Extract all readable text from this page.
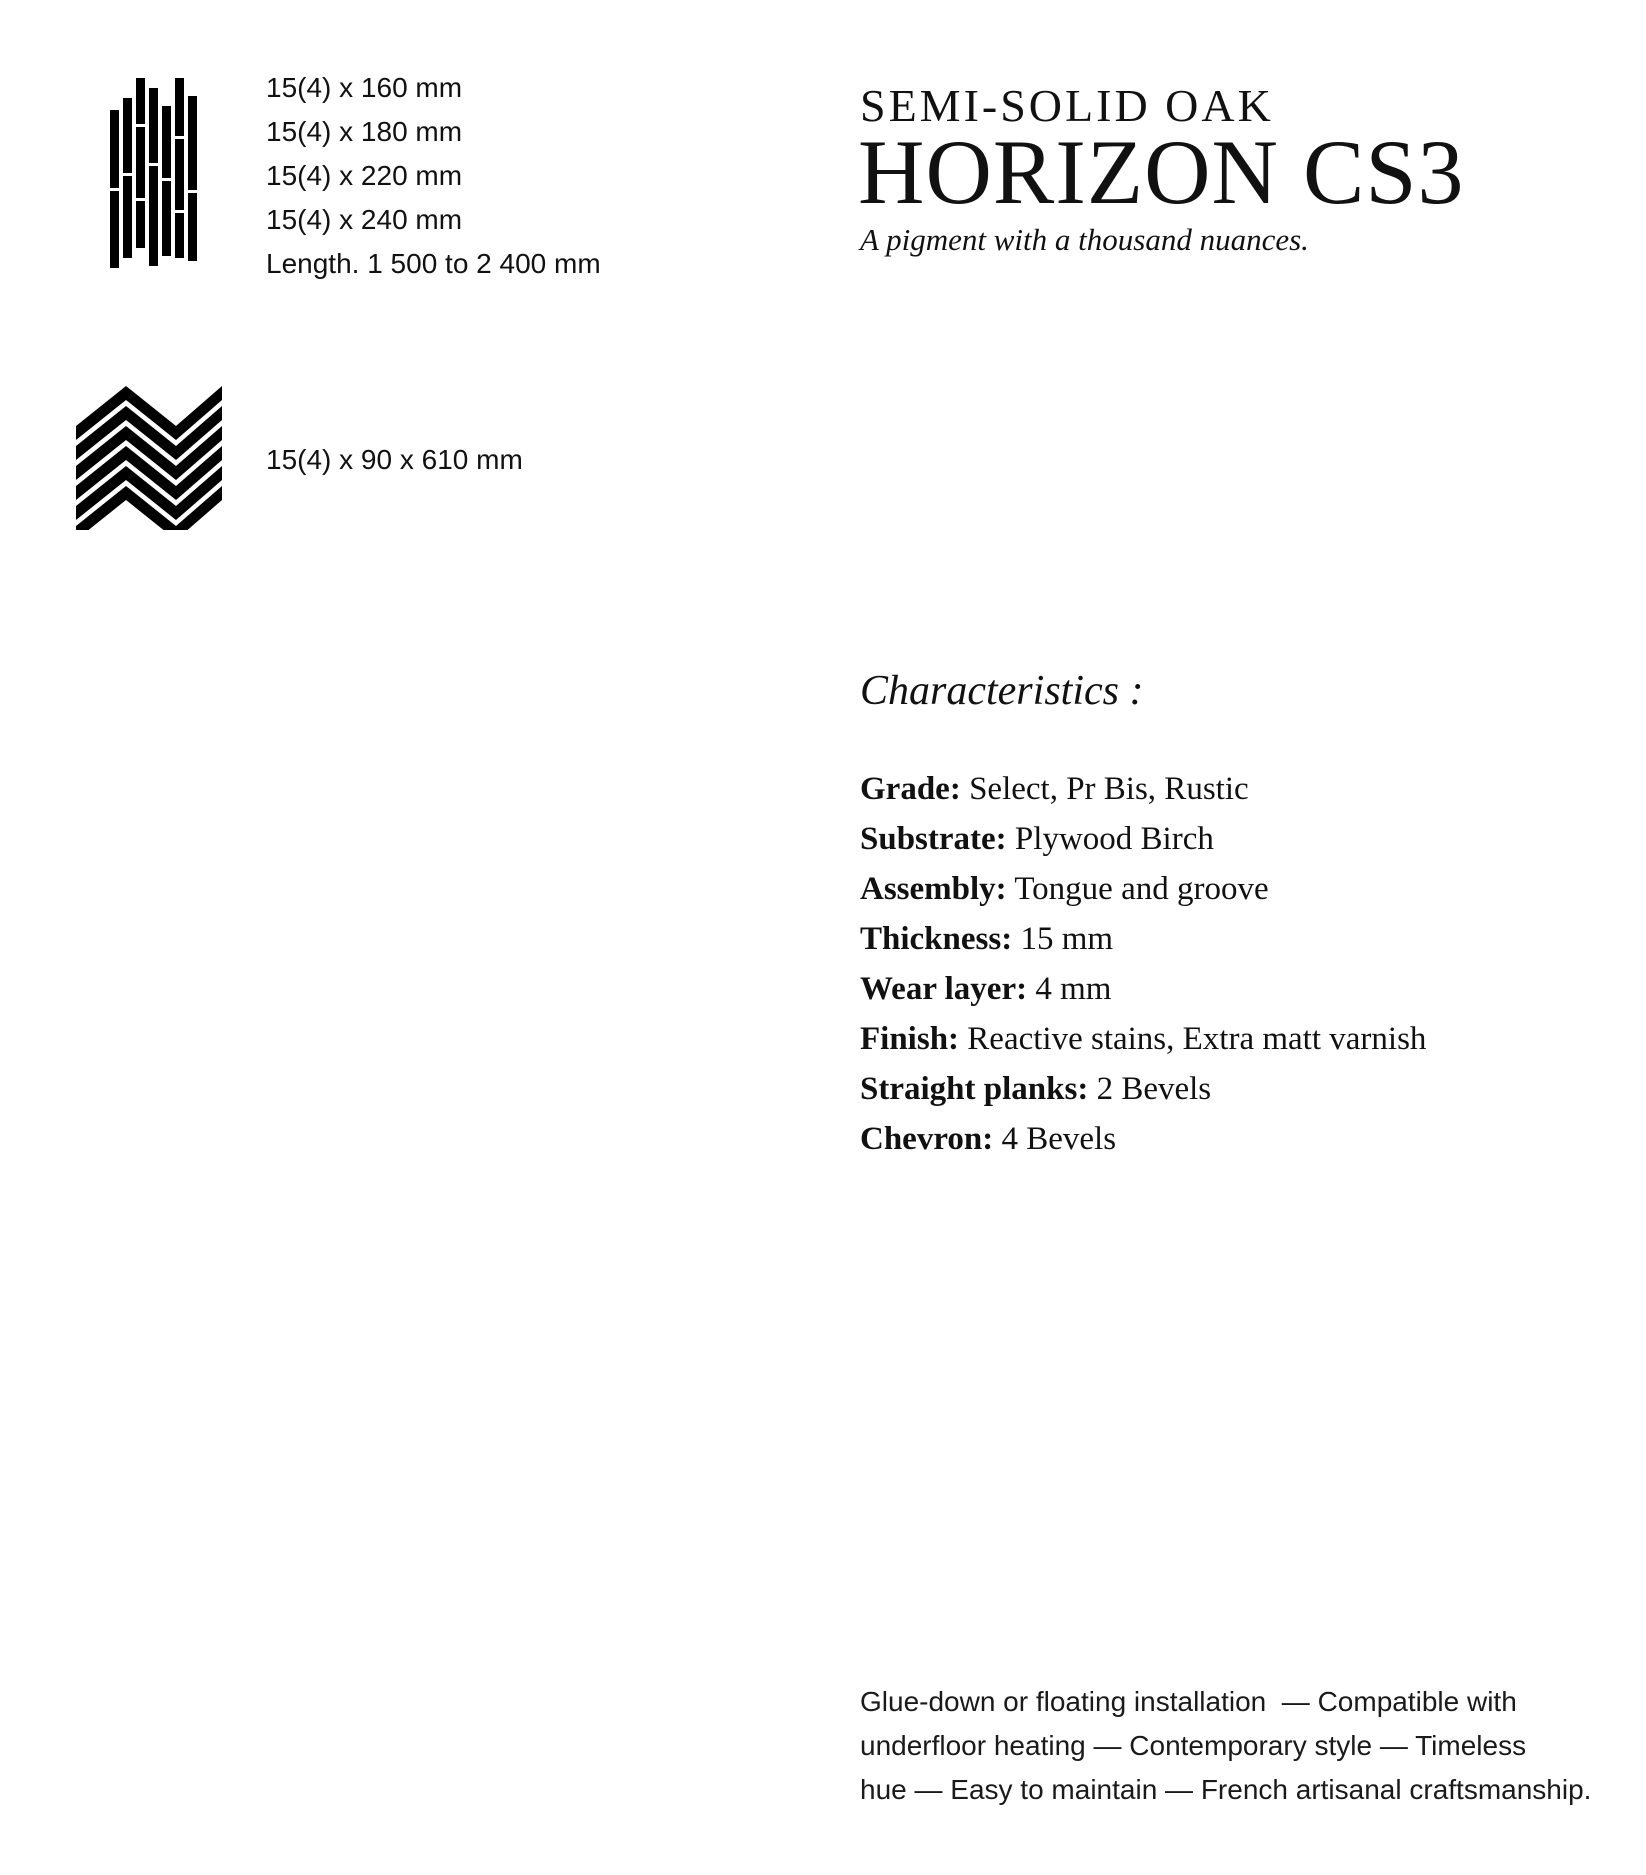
15(4) x 160 mm
15(4) x 180 mm
15(4) x 220 mm
15(4) x 240 mm
Length. 1 500 to 2 400 mm
15(4) x 90 x 610 mm
SEMI-SOLID OAK
HORIZON CS3
A pigment with a thousand nuances.
Characteristics :
Grade: Select, Pr Bis, Rustic
Substrate: Plywood Birch
Assembly: Tongue and groove
Thickness: 15 mm
Wear layer: 4 mm
Finish: Reactive stains, Extra matt varnish
Straight planks: 2 Bevels
Chevron: 4 Bevels
Glue-down or floating installation  — Compatible with
underfloor heating — Contemporary style — Timeless
hue — Easy to maintain — French artisanal craftsmanship.
